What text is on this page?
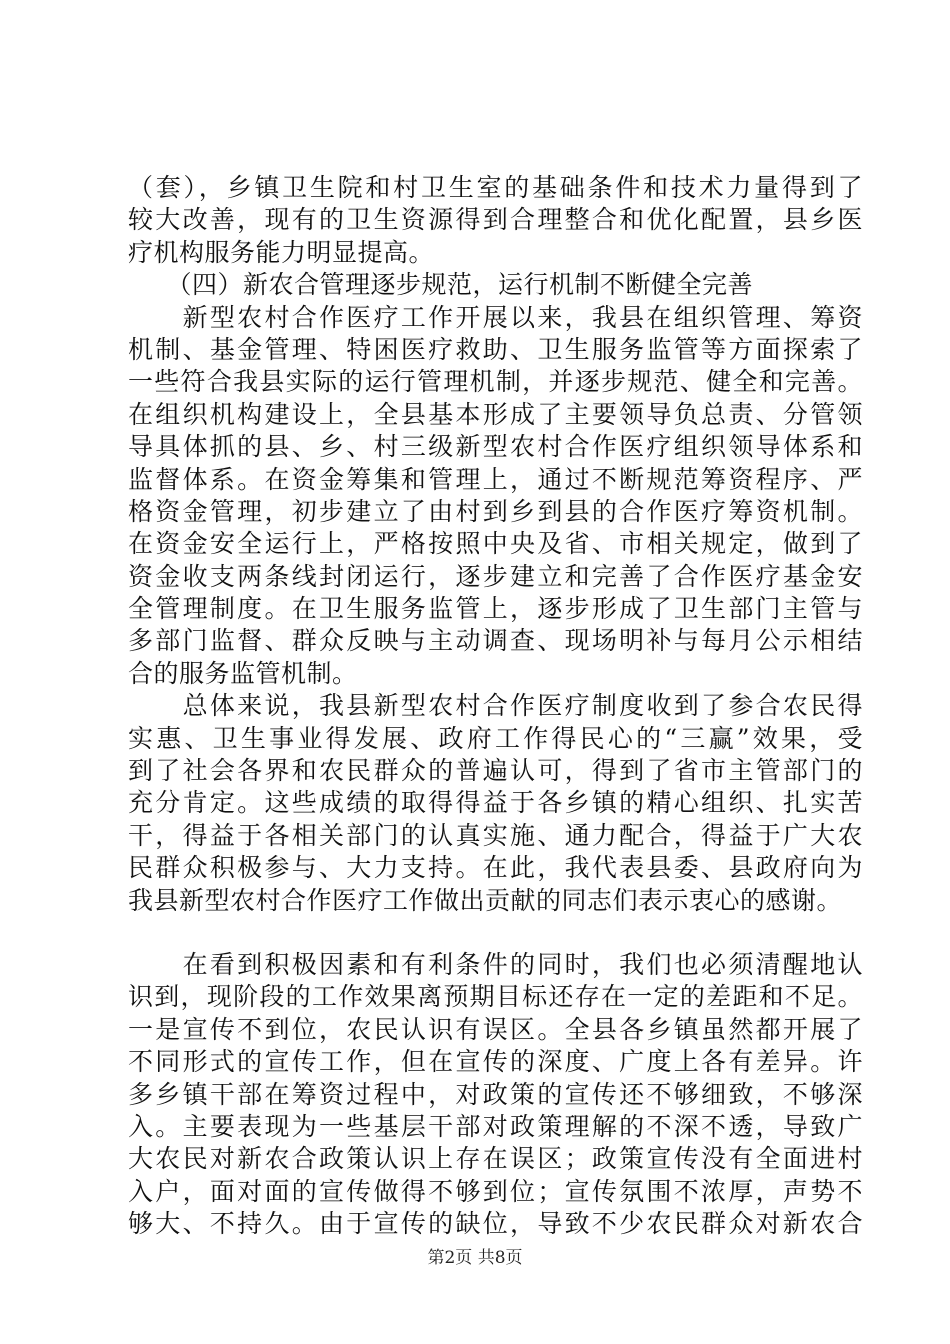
（套），乡镇卫生院和村卫生室的基础条件和技术力量得到了
较大改善，现有的卫生资源得到合理整合和优化配置，县乡医
疗机构服务能力明显提高。
　　（四）新农合管理逐步规范，运行机制不断健全完善
　　新型农村合作医疗工作开展以来，我县在组织管理、筹资
机制、基金管理、特困医疗救助、卫生服务监管等方面探索了
一些符合我县实际的运行管理机制，并逐步规范、健全和完善。
在组织机构建设上，全县基本形成了主要领导负总责、分管领
导具体抓的县、乡、村三级新型农村合作医疗组织领导体系和
监督体系。在资金筹集和管理上，通过不断规范筹资程序、严
格资金管理，初步建立了由村到乡到县的合作医疗筹资机制。
在资金安全运行上，严格按照中央及省、市相关规定，做到了
资金收支两条线封闭运行，逐步建立和完善了合作医疗基金安
全管理制度。在卫生服务监管上，逐步形成了卫生部门主管与
多部门监督、群众反映与主动调查、现场明补与每月公示相结
合的服务监管机制。
　　总体来说，我县新型农村合作医疗制度收到了参合农民得
实惠、卫生事业得发展、政府工作得民心的“三赢”效果，受
到了社会各界和农民群众的普遍认可，得到了省市主管部门的
充分肯定。这些成绩的取得得益于各乡镇的精心组织、扎实苦
干，得益于各相关部门的认真实施、通力配合，得益于广大农
民群众积极参与、大力支持。在此，我代表县委、县政府向为
我县新型农村合作医疗工作做出贡献的同志们表示衷心的感谢。
　　在看到积极因素和有利条件的同时，我们也必须清醒地认
识到，现阶段的工作效果离预期目标还存在一定的差距和不足。
一是宣传不到位，农民认识有误区。全县各乡镇虽然都开展了
不同形式的宣传工作，但在宣传的深度、广度上各有差异。许
多乡镇干部在筹资过程中，对政策的宣传还不够细致，不够深
入。主要表现为一些基层干部对政策理解的不深不透，导致广
大农民对新农合政策认识上存在误区；政策宣传没有全面进村
入户，面对面的宣传做得不够到位；宣传氛围不浓厚，声势不
够大、不持久。由于宣传的缺位，导致不少农民群众对新农合
第2页 共8页
